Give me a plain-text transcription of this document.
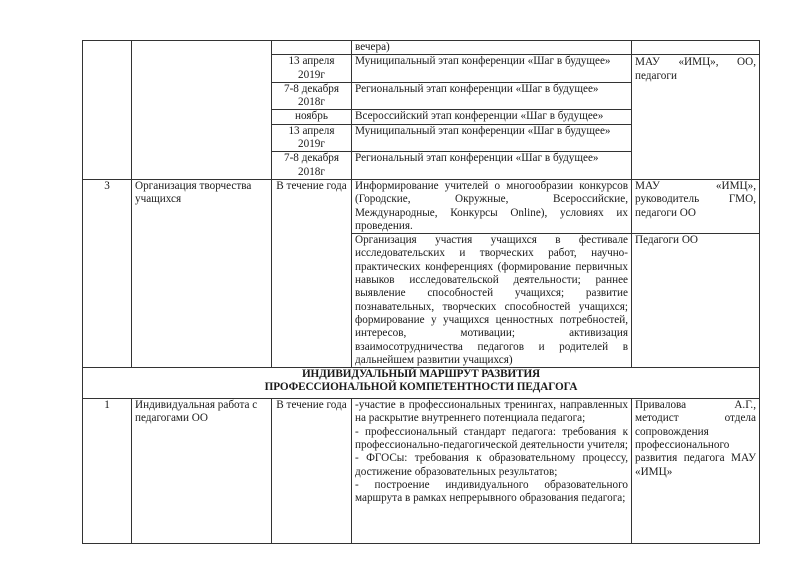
			вечера)	
		13 апреля 2019г	Муниципальный этап конференции «Шаг в будущее»	МАУ «ИМЦ», ОО, педагоги
		7-8 декабря 2018г	Региональный этап конференции «Шаг в будущее»	
		ноябрь	Всероссийский этап конференции «Шаг в будущее»	
		13 апреля 2019г	Муниципальный этап конференции «Шаг в будущее»	
		7-8 декабря 2018г	Региональный этап конференции «Шаг в будущее»	
3	Организация творчества учащихся	В течение года	Информирование учителей о многообразии конкурсов (Городские, Окружные, Всероссийские, Международные, Конкурсы Online), условиях их проведения.	МАУ «ИМЦ», руководитель ГМО, педагоги ОО
			Организация участия учащихся в фестивале исследовательских и творческих работ, научно-практических конференциях (формирование первичных навыков исследовательской деятельности; раннее выявление способностей учащихся; развитие познавательных, творческих способностей учащихся; формирование у учащихся ценностных потребностей, интересов, мотивации; активизация взаимосотрудничества педагогов и родителей в дальнейшем развитии учащихся)	Педагоги ОО

ИНДИВИДУАЛЬНЫЙ МАРШРУТ РАЗВИТИЯ
ПРОФЕССИОНАЛЬНОЙ КОМПЕТЕНТНОСТИ ПЕДАГОГА				

1	Индивидуальная работа с педагогами ОО	В течение года	-участие в профессиональных тренингах, направленных на раскрытие внутреннего потенциала педагога;
- профессиональный стандарт педагога: требования к профессионально-педагогической деятельности учителя;
- ФГОСы: требования к образовательному процессу, достижение образовательных результатов;
- построение индивидуального образовательного маршрута в рамках непрерывного образования педагога;	Привалова А.Г., методист отдела сопровождения профессионального развития педагога МАУ «ИМЦ»
